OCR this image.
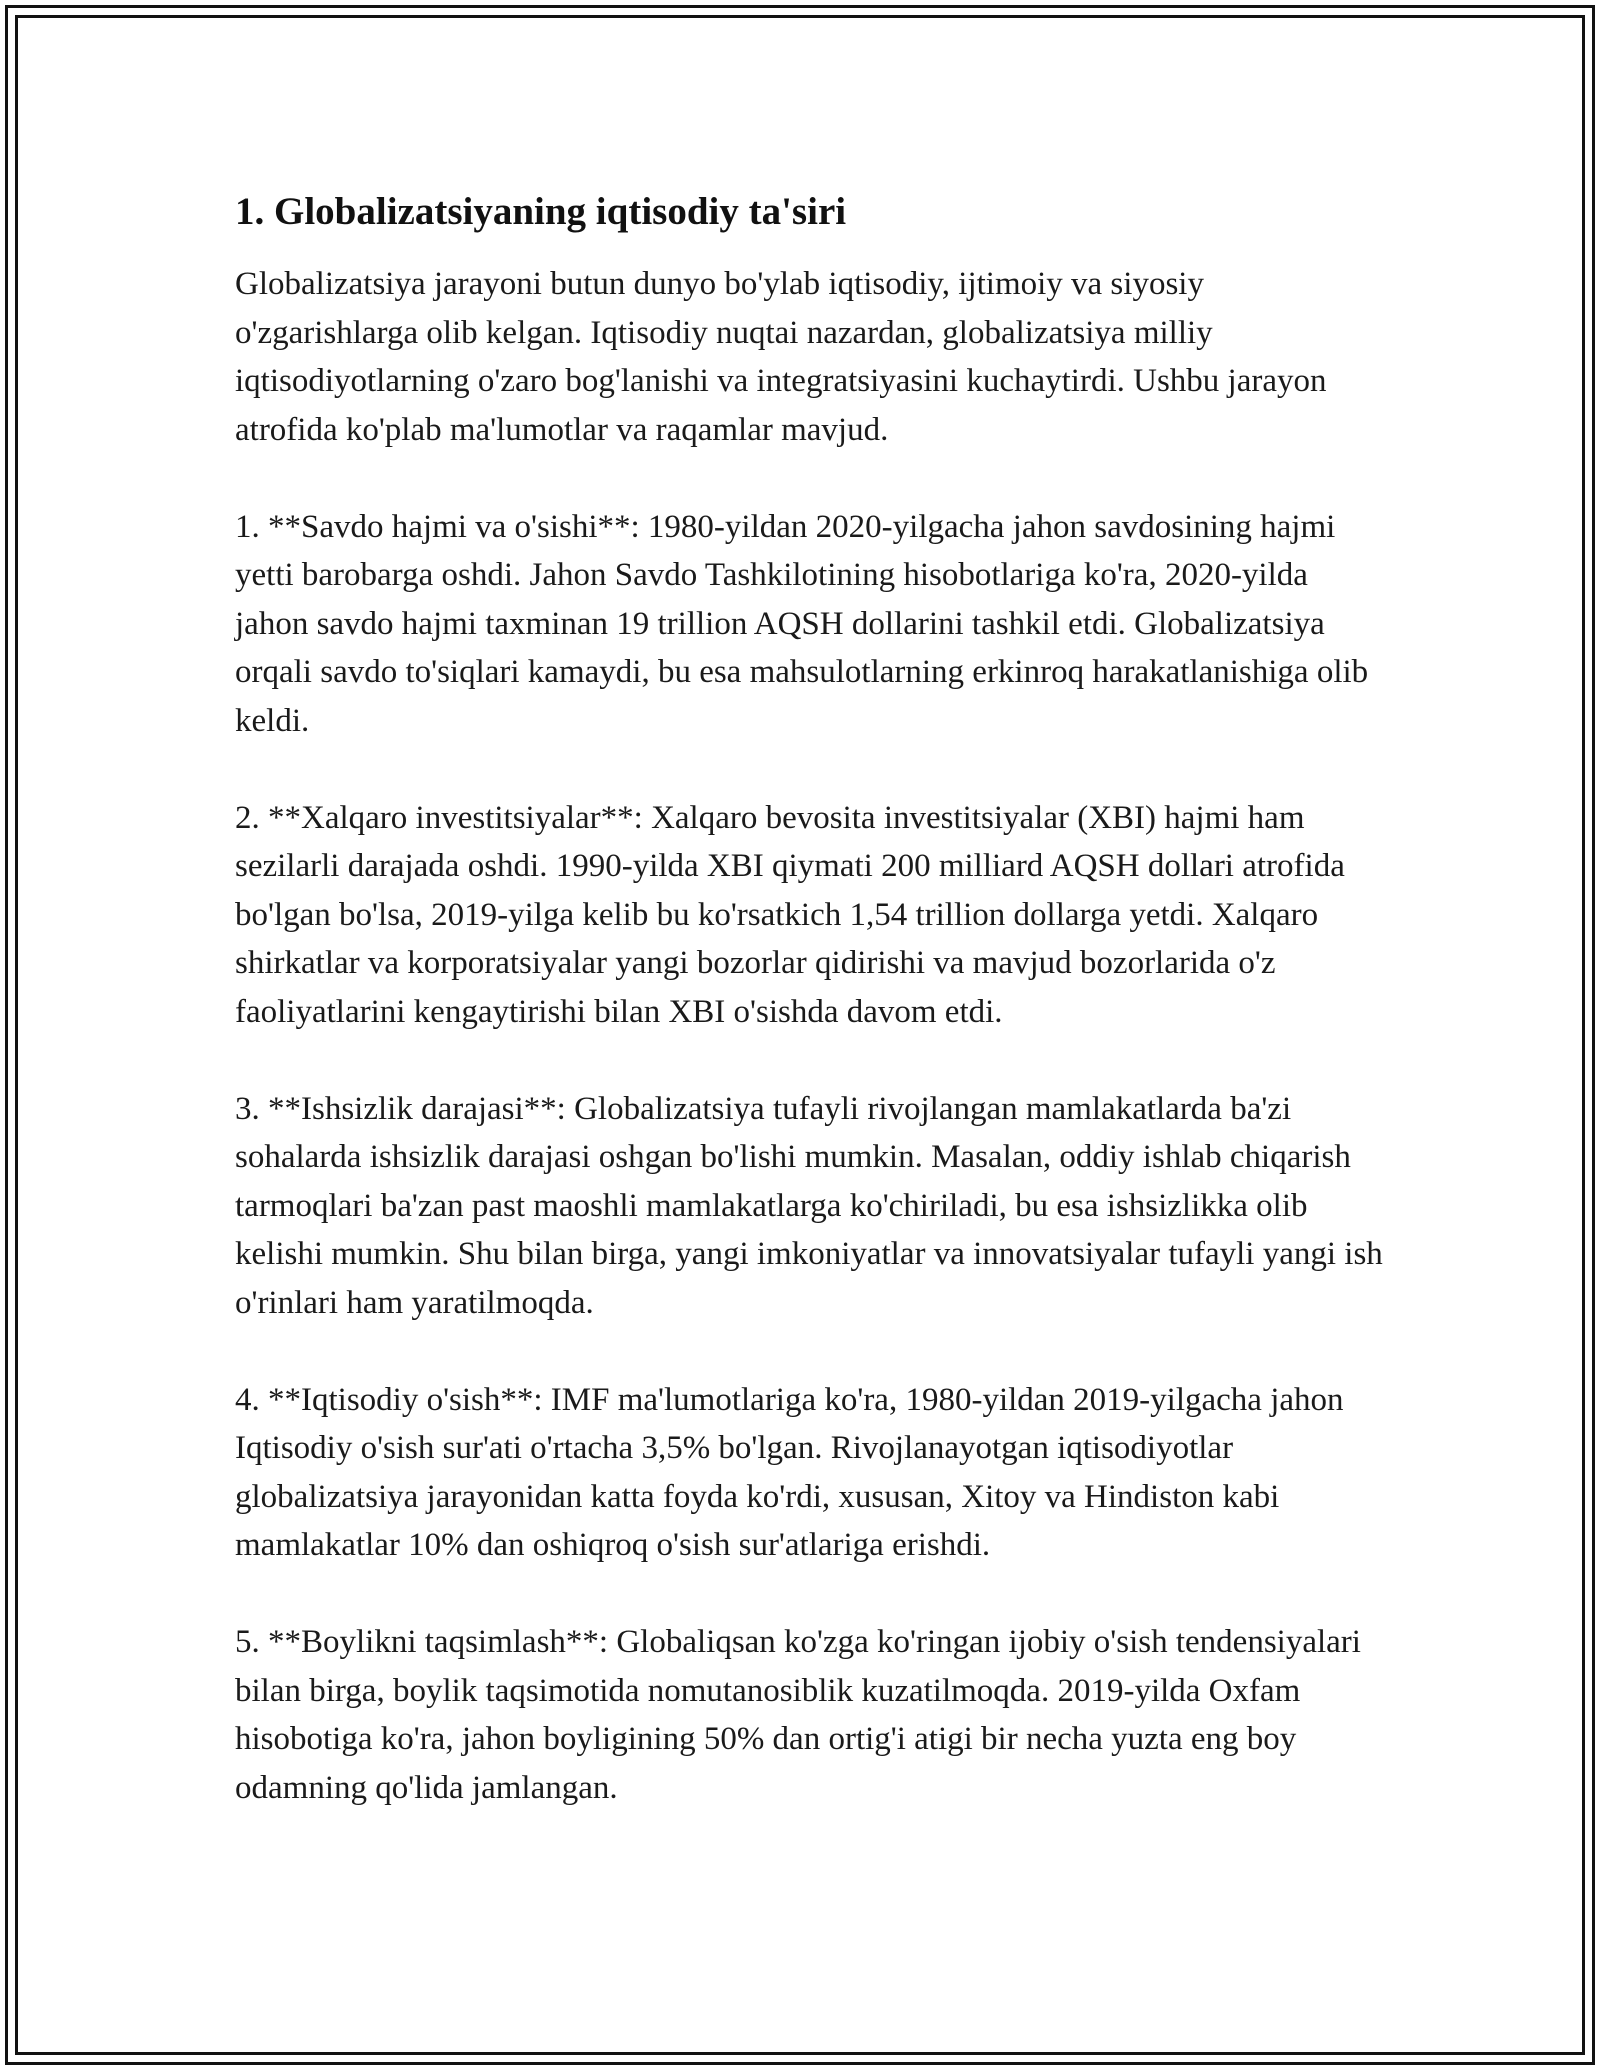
1. Globalizatsiyaning iqtisodiy ta'siri

Globalizatsiya jarayoni butun dunyo bo'ylab iqtisodiy, ijtimoiy va siyosiy o'zgarishlarga olib kelgan. Iqtisodiy nuqtai nazardan, globalizatsiya milliy iqtisodiyotlarning o'zaro bog'lanishi va integratsiyasini kuchaytirdi. Ushbu jarayon atrofida ko'plab ma'lumotlar va raqamlar mavjud.

1. **Savdo hajmi va o'sishi**: 1980-yildan 2020-yilgacha jahon savdosining hajmi yetti barobarga oshdi. Jahon Savdo Tashkilotining hisobotlariga ko'ra, 2020-yilda jahon savdo hajmi taxminan 19 trillion AQSH dollarini tashkil etdi. Globalizatsiya orqali savdo to'siqlari kamaydi, bu esa mahsulotlarning erkinroq harakatlanishiga olib keldi.

2. **Xalqaro investitsiyalar**: Xalqaro bevosita investitsiyalar (XBI) hajmi ham sezilarli darajada oshdi. 1990-yilda XBI qiymati 200 milliard AQSH dollari atrofida bo'lgan bo'lsa, 2019-yilga kelib bu ko'rsatkich 1,54 trillion dollarga yetdi. Xalqaro shirkatlar va korporatsiyalar yangi bozorlar qidirishi va mavjud bozorlarida o'z faoliyatlarini kengaytirishi bilan XBI o'sishda davom etdi.

3. **Ishsizlik darajasi**: Globalizatsiya tufayli rivojlangan mamlakatlarda ba'zi sohalarda ishsizlik darajasi oshgan bo'lishi mumkin. Masalan, oddiy ishlab chiqarish tarmoqlari ba'zan past maoshli mamlakatlarga ko'chiriladi, bu esa ishsizlikka olib kelishi mumkin. Shu bilan birga, yangi imkoniyatlar va innovatsiyalar tufayli yangi ish o'rinlari ham yaratilmoqda.

4. **Iqtisodiy o'sish**: IMF ma'lumotlariga ko'ra, 1980-yildan 2019-yilgacha jahon Iqtisodiy o'sish sur'ati o'rtacha 3,5% bo'lgan. Rivojlanayotgan iqtisodiyotlar globalizatsiya jarayonidan katta foyda ko'rdi, xususan, Xitoy va Hindiston kabi mamlakatlar 10% dan oshiqroq o'sish sur'atlariga erishdi.

5. **Boylikni taqsimlash**: Globaliqsan ko'zga ko'ringan ijobiy o'sish tendensiyalari bilan birga, boylik taqsimotida nomutanosiblik kuzatilmoqda. 2019-yilda Oxfam hisobotiga ko'ra, jahon boyligining 50% dan ortig'i atigi bir necha yuzta eng boy odamning qo'lida jamlangan.
